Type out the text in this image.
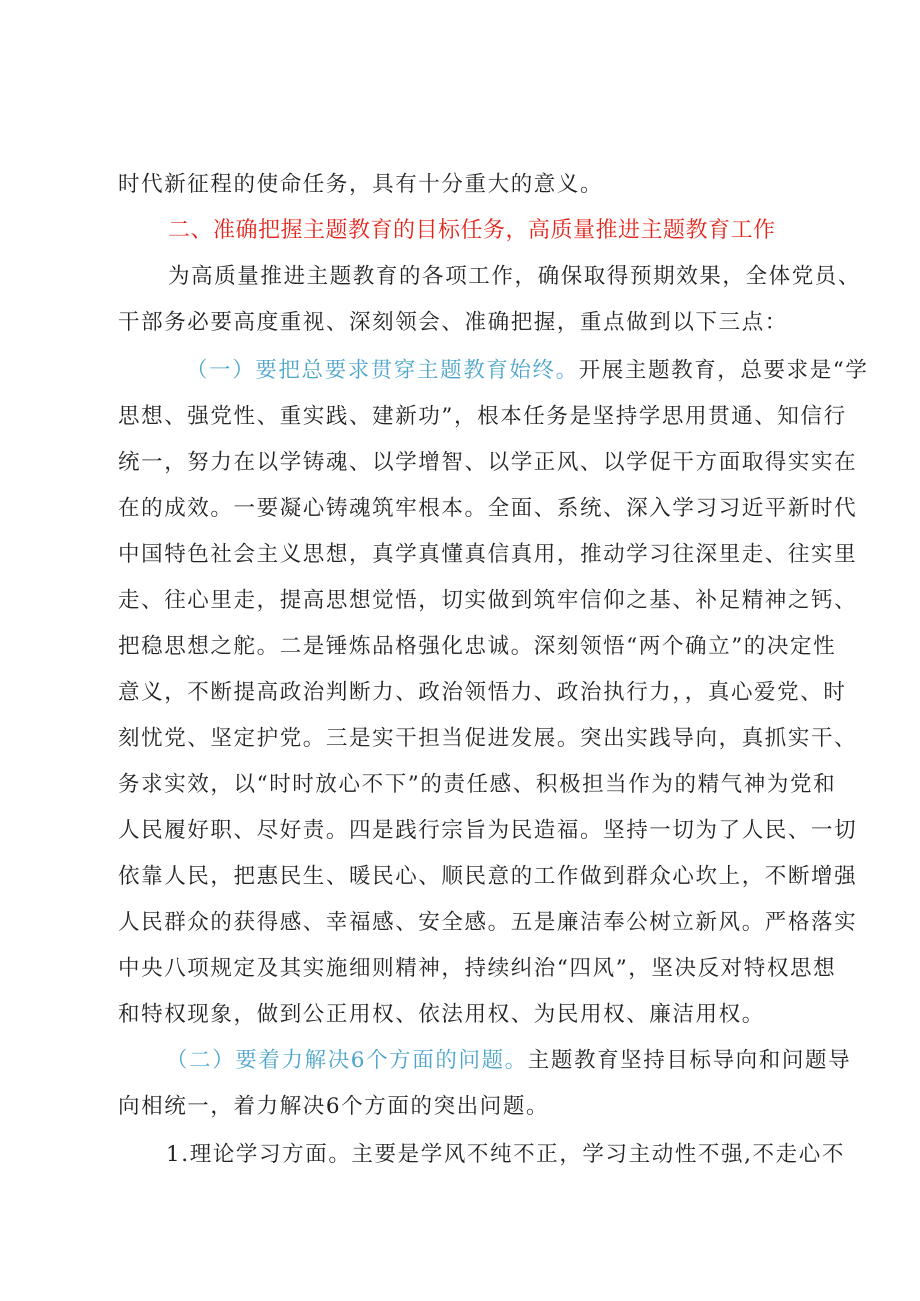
时代新征程的使命任务，具有十分重大的意义。
二、准确把握主题教育的目标任务，高质量推进主题教育工作
为高质量推进主题教育的各项工作，确保取得预期效果，全体党员、
干部务必要高度重视、深刻领会、准确把握，重点做到以下三点：
（一）要把总要求贯穿主题教育始终。开展主题教育，总要求是“学
思想、强党性、重实践、建新功”，根本任务是坚持学思用贯通、知信行
统一，努力在以学铸魂、以学增智、以学正风、以学促干方面取得实实在
在的成效。一要凝心铸魂筑牢根本。全面、系统、深入学习习近平新时代
中国特色社会主义思想，真学真懂真信真用，推动学习往深里走、往实里
走、往心里走，提高思想觉悟，切实做到筑牢信仰之基、补足精神之钙、
把稳思想之舵。二是锤炼品格强化忠诚。深刻领悟“两个确立”的决定性
意义，不断提高政治判断力、政治领悟力、政治执行力，，真心爱党、时
刻忧党、坚定护党。三是实干担当促进发展。突出实践导向，真抓实干、
务求实效，以“时时放心不下”的责任感、积极担当作为的精气神为党和
人民履好职、尽好责。四是践行宗旨为民造福。坚持一切为了人民、一切
依靠人民，把惠民生、暖民心、顺民意的工作做到群众心坎上，不断增强
人民群众的获得感、幸福感、安全感。五是廉洁奉公树立新风。严格落实
中央八项规定及其实施细则精神，持续纠治“四风”，坚决反对特权思想
和特权现象，做到公正用权、依法用权、为民用权、廉洁用权。
（二）要着力解决6个方面的问题。主题教育坚持目标导向和问题导
向相统一，着力解决6个方面的突出问题。
1.理论学习方面。主要是学风不纯不正，学习主动性不强,不走心不
